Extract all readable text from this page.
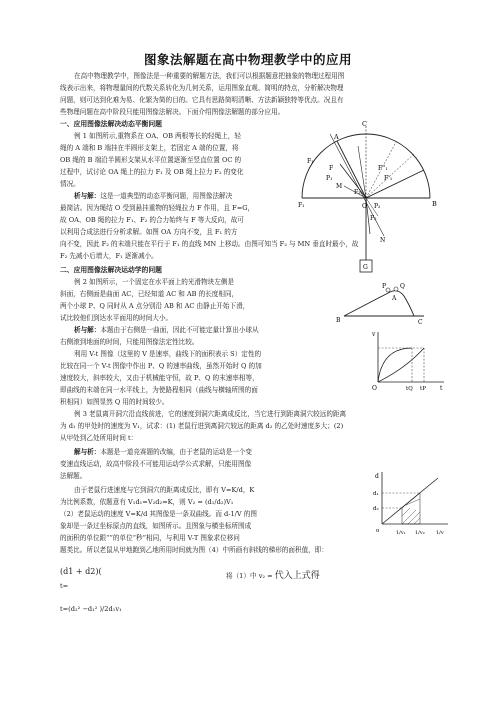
图象法解题在高中物理教学中的应用
在高中物理教学中，图像法是一种重要的解题方法，我们可以根据题意把抽象的物理过程用图
线表示出来，将物理量间的代数关系转化为几何关系，运用图象直观、简明的特点，分析解决物理
问题，则可达到化难为易、化繁为简的目的。它具有思路简明清晰、方法新颖独特等优点。况且有
些物理问题在高中阶段只能用图像法解决。下面介绍图像法解题的部分应用。
一、应用图像法解决动态平衡问题
例 1 如图所示,重物系在 OA、OB 两根等长的轻绳上，轻
绳的 A 端和 B 端挂在半圆形支架上，若固定 A 端的位置，将
OB 绳的 B 端沿半圆形支架从水平位置逐渐至竖直位置 OC 的
过程中，试讨论 OA 绳上的拉力 F₁ 及 OB 绳上拉力 F₂ 的变化
情况。
析与解：这是一道典型的动态平衡问题，用图像法解决
最简洁。因为绳结 O 受到悬挂重物的轻绳拉力 F 作用，且 F=G，
故 OA、OB 绳的拉力 F₁、F₂ 的合力始终与 F 等大反向，故可
以利用合成法进行分析求解。如图 OA 方向不变，且 F₁ 的方
向不变，因此 F₂ 的末端只能在平行于 F₁ 的直线 MN 上移动。由图可知当 F₂ 与 MN 垂直时最小，故
F₂ 先减小后增大，F₁ 逐渐减小。
A
C
F₁
F
P₁
M
F''₁
F'₁
F₂
O
F₁	P₂
F₂
B
N
G
二、应用图像法解决运动学的问题
例 2 如图所示，一个固定在水平面上的光滑物块左侧是
斜面，右侧面是曲面 AC，已经知道 AC 和 AB 的长度相同，
两个小球 P、Q 同时从 A 点分别沿 AB 和 AC 由静止开始下滑，
试比较他们到达水平面用的时间大小。
P Q
A
B	C
析与解：本题由于右侧是一曲面，因此不可能定量计算出小球从
右侧滚到地面的时间，只能用图像法定性比较。
利用 V-t 图像（这里的 V 是速率，曲线下的面积表示 S）定性的
比较在同一个 V-t 图像中作出 P、Q 的速率曲线，虽然开始时 Q 的加
速度较大，斜率较大，又由于机械能守恒，故 P、Q 的末速率相等，
即曲线的末端在同一水平线上，为使路程相同（曲线与横轴所围的面
积相同）如图显然 Q 用的时间较少。
v
t
O	tQ tP
例 3 老鼠离开洞穴沿直线前进，它的速度到洞穴距离成反比，当它进行到距离洞穴较远的距离
为 d₁ 的甲处时的速度为 V₁，试求：(1) 老鼠行进到离洞穴较远的距离 d₂ 的乙处时速度多大；(2)
从甲处到乙处所用时间 t：
解与析：本题是一道竞赛题的改编，由于老鼠的运动是一个变
变速直线运动，故高中阶段不可能用运动学公式求解，只能用图像
法解题。
由于老鼠行进速度与它到洞穴的距离成反比，即有 V=K/d，K
为比例系数，依题意有 V₁d₁=V₂d₂=K，则 V₂ = (d₁/d₂)V₁
（2）老鼠运动的速度 V=K/d 其图像是一条双曲线。而 d-1/V 的图
象却是一条过坐标原点的直线，如图所示。且图象与横坐标所围成
的面积的单位跟“”的单位“秒”相同，与利用 V-T 图象求位移问
题类比。所以老鼠从甲地跑到乙地所用时间就为图（4）中所画有斜线的梯形的面积值，即：
d
d₁
d₂
o	1/v₁ 1/v₂ 1/v
(d1 + d2)(
t=
将（1）中 v₂ = 代入上式得
t=(d₂² −d₁² )/2d₁v₁
